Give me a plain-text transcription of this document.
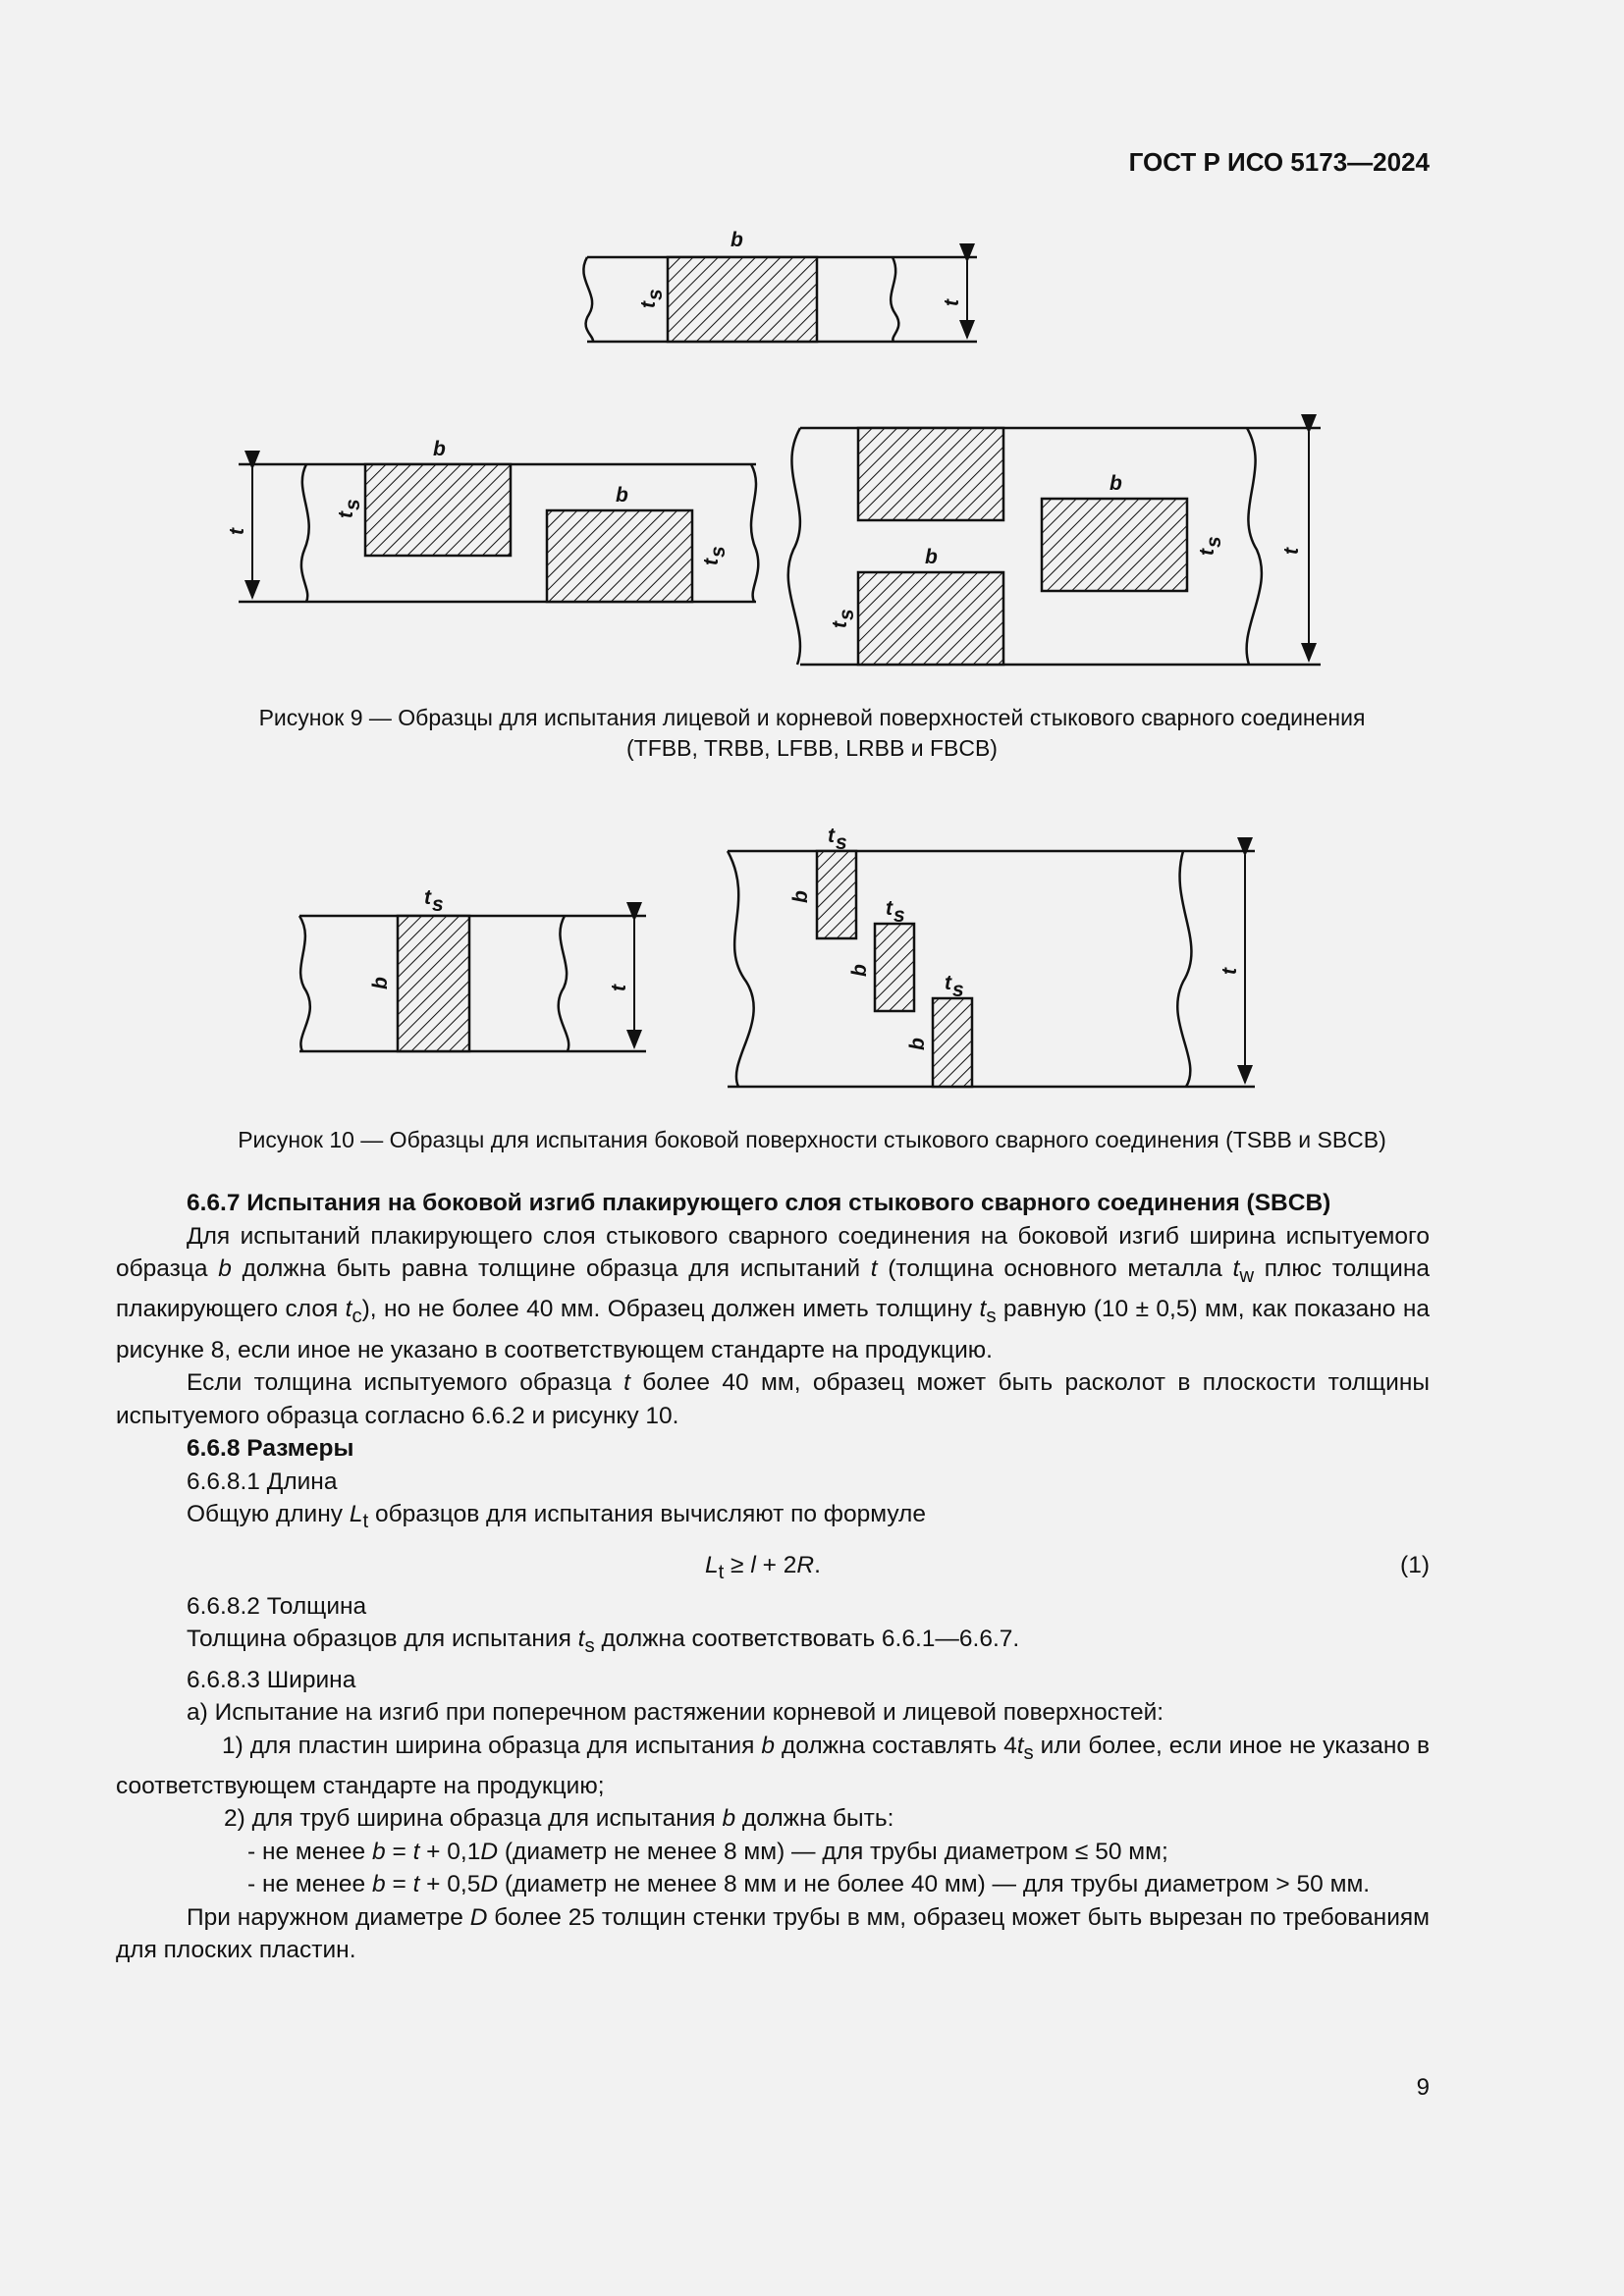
ГОСТ Р ИСО 5173—2024
b
t
t
s
b
b
t
t
s
t
s
b
b	t
t
s
t
s
t s
b	t
t s
t s
t s
b
b
b
t
Рисунок 9 — Образцы для испытания лицевой и корневой поверхностей стыкового сварного соединения
(TFBB, TRBB, LFBB, LRBB и FBCB)
Рисунок 10 — Образцы для испытания боковой поверхности стыкового сварного соединения (TSBB и SBCB)

6.6.7 Испытания на боковой изгиб плакирующего слоя стыкового сварного соединения (SBCB)

Для испытаний плакирующего слоя стыкового сварного соединения на боковой изгиб ширина испытуемого образца b должна быть равна толщине образца для испытаний t (толщина основного металла $t_w$ плюс толщина плакирующего слоя $t_c$), но не более 40 мм. Образец должен иметь толщину $t_s$ равную (10 ± 0,5) мм, как показано на рисунке 8, если иное не указано в соответствующем стандарте на продукцию.

Если толщина испытуемого образца t более 40 мм, образец может быть расколот в плоскости толщины испытуемого образца согласно 6.6.2 и рисунку 10.

6.6.8 Размеры

6.6.8.1 Длина

Общую длину $L_t$ образцов для испытания вычисляют по формуле

$L_t \ge l + 2R$.	(1)

6.6.8.2 Толщина

Толщина образцов для испытания $t_s$ должна соответствовать 6.6.1—6.6.7.

6.6.8.3 Ширина

а) Испытание на изгиб при поперечном растяжении корневой и лицевой поверхностей:

1) для пластин ширина образца для испытания b должна составлять $4t_s$ или более, если иное не указано в соответствующем стандарте на продукцию;

2) для труб ширина образца для испытания b должна быть:

- не менее b = t + 0,1D (диаметр не менее 8 мм) — для трубы диаметром ≤ 50 мм;

- не менее b = t + 0,5D (диаметр не менее 8 мм и не более 40 мм) — для трубы диаметром > 50 мм.

При наружном диаметре D более 25 толщин стенки трубы в мм, образец может быть вырезан по требованиям для плоских пластин.

9
